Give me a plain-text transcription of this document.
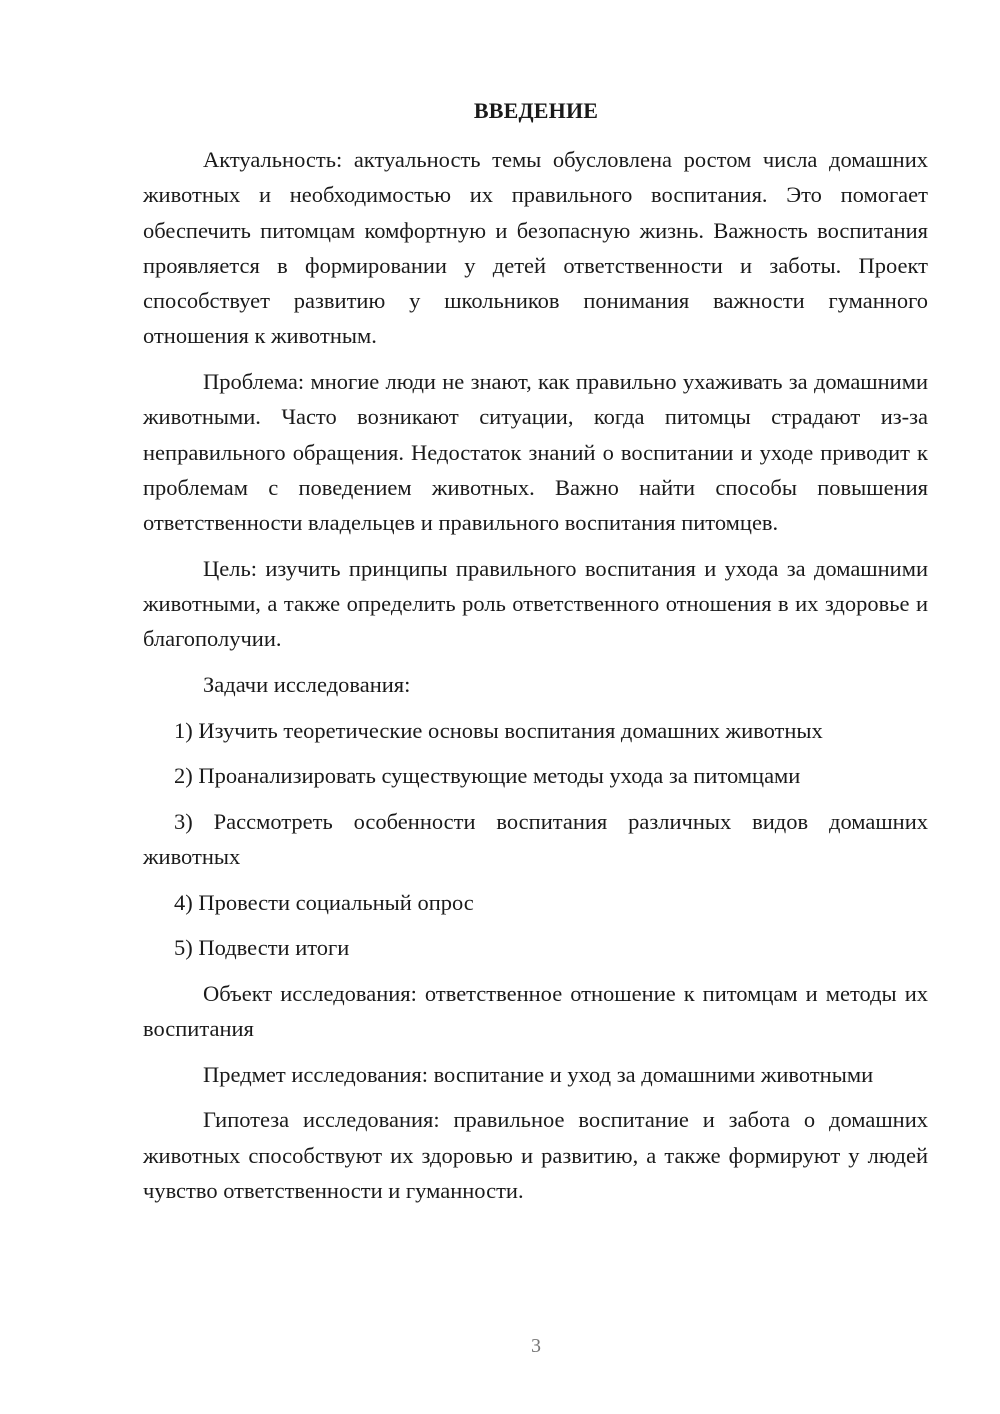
ВВЕДЕНИЕ

Актуальность: актуальность темы обусловлена ростом числа домашних животных и необходимостью их правильного воспитания. Это помогает обеспечить питомцам комфортную и безопасную жизнь. Важность воспитания проявляется в формировании у детей ответственности и заботы. Проект способствует развитию у школьников понимания важности гуманного отношения к животным.

Проблема: многие люди не знают, как правильно ухаживать за домашними животными. Часто возникают ситуации, когда питомцы страдают из-за неправильного обращения. Недостаток знаний о воспитании и уходе приводит к проблемам с поведением животных. Важно найти способы повышения ответственности владельцев и правильного воспитания питомцев.

Цель: изучить принципы правильного воспитания и ухода за домашними животными, а также определить роль ответственного отношения в их здоровье и благополучии.

Задачи исследования:

1) Изучить теоретические основы воспитания домашних животных

2) Проанализировать существующие методы ухода за питомцами

3) Рассмотреть особенности воспитания различных видов домашних животных

4) Провести социальный опрос

5) Подвести итоги

Объект исследования: ответственное отношение к питомцам и методы их воспитания

Предмет исследования: воспитание и уход за домашними животными

Гипотеза исследования: правильное воспитание и забота о домашних животных способствуют их здоровью и развитию, а также формируют у людей чувство ответственности и гуманности.

3
